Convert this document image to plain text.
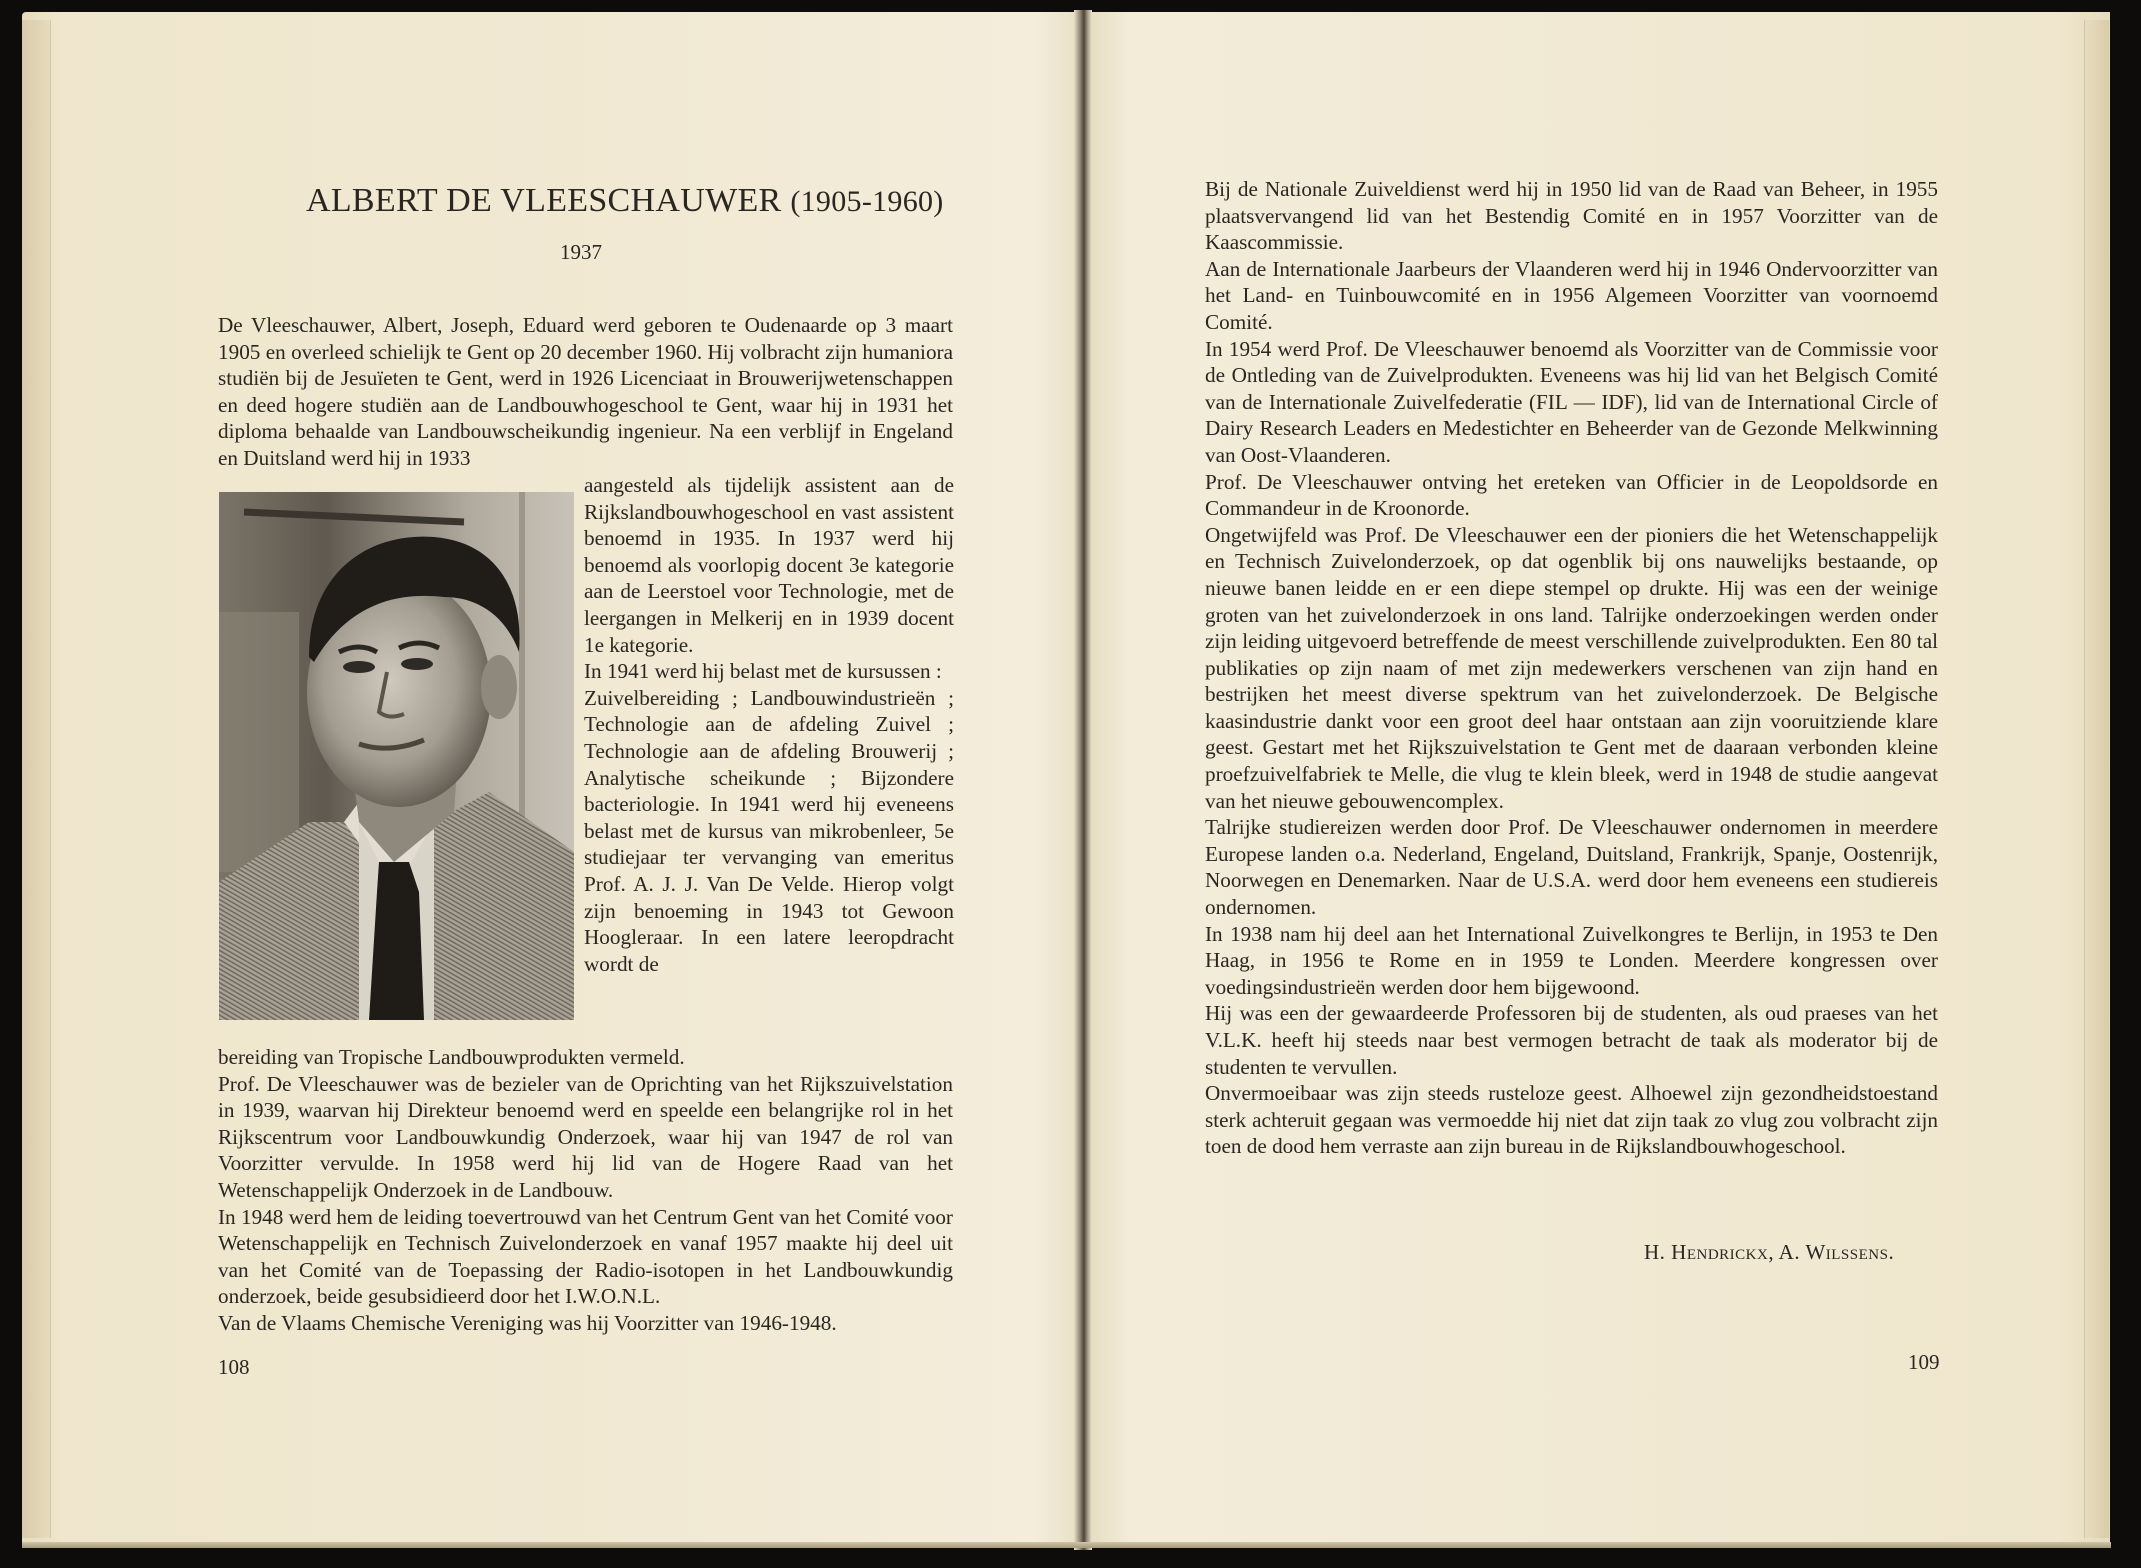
ALBERT DE VLEESCHAUWER (1905-1960)
1937

De Vleeschauwer, Albert, Joseph, Eduard werd geboren te Oudenaarde op 3 maart 1905 en overleed schielijk te Gent op 20 december 1960. Hij volbracht zijn humaniora studiën bij de Jesuïeten te Gent, werd in 1926 Licenciaat in Brouwerijwetenschappen en deed hogere studiën aan de Landbouwhogeschool te Gent, waar hij in 1931 het diploma behaalde van Landbouwscheikundig ingenieur. Na een verblijf in Engeland en Duitsland werd hij in 1933

aangesteld als tijdelijk assistent aan de Rijkslandbouwhogeschool en vast assistent benoemd in 1935. In 1937 werd hij benoemd als voorlopig docent 3e kategorie aan de Leerstoel voor Technologie, met de leergangen in Melkerij en in 1939 docent 1e kategorie.

In 1941 werd hij belast met de kursussen :

Zuivelbereiding ; Landbouwindustrieën ; Technologie aan de afdeling Zuivel ; Technologie aan de afdeling Brouwerij ; Analytische scheikunde ; Bijzondere bacteriologie. In 1941 werd hij eveneens belast met de kursus van mikrobenleer, 5e studiejaar ter vervanging van emeritus Prof. A. J. J. Van De Velde. Hierop volgt zijn benoeming in 1943 tot Gewoon Hoogleraar. In een latere leeropdracht wordt de

bereiding van Tropische Landbouwprodukten vermeld.

Prof. De Vleeschauwer was de bezieler van de Oprichting van het Rijkszuivelstation in 1939, waarvan hij Direkteur benoemd werd en speelde een belangrijke rol in het Rijkscentrum voor Landbouwkundig Onderzoek, waar hij van 1947 de rol van Voorzitter vervulde. In 1958 werd hij lid van de Hogere Raad van het Wetenschappelijk Onderzoek in de Landbouw.

In 1948 werd hem de leiding toevertrouwd van het Centrum Gent van het Comité voor Wetenschappelijk en Technisch Zuivelonderzoek en vanaf 1957 maakte hij deel uit van het Comité van de Toepassing der Radio-isotopen in het Landbouwkundig onderzoek, beide gesubsidieerd door het I.W.O.N.L.

Van de Vlaams Chemische Vereniging was hij Voorzitter van 1946-1948.

108

Bij de Nationale Zuiveldienst werd hij in 1950 lid van de Raad van Beheer, in 1955 plaatsvervangend lid van het Bestendig Comité en in 1957 Voorzitter van de Kaascommissie.

Aan de Internationale Jaarbeurs der Vlaanderen werd hij in 1946 Ondervoorzitter van het Land- en Tuinbouwcomité en in 1956 Algemeen Voorzitter van voornoemd Comité.

In 1954 werd Prof. De Vleeschauwer benoemd als Voorzitter van de Commissie voor de Ontleding van de Zuivelprodukten. Eveneens was hij lid van het Belgisch Comité van de Internationale Zuivelfederatie (FIL — IDF), lid van de International Circle of Dairy Research Leaders en Medestichter en Beheerder van de Gezonde Melkwinning van Oost-Vlaanderen.

Prof. De Vleeschauwer ontving het ereteken van Officier in de Leopoldsorde en Commandeur in de Kroonorde.

Ongetwijfeld was Prof. De Vleeschauwer een der pioniers die het Wetenschappelijk en Technisch Zuivelonderzoek, op dat ogenblik bij ons nauwelijks bestaande, op nieuwe banen leidde en er een diepe stempel op drukte. Hij was een der weinige groten van het zuivelonderzoek in ons land. Talrijke onderzoekingen werden onder zijn leiding uitgevoerd betreffende de meest verschillende zuivelprodukten. Een 80 tal publikaties op zijn naam of met zijn medewerkers verschenen van zijn hand en bestrijken het meest diverse spektrum van het zuivelonderzoek. De Belgische kaasindustrie dankt voor een groot deel haar ontstaan aan zijn vooruitziende klare geest. Gestart met het Rijkszuivelstation te Gent met de daaraan verbonden kleine proefzuivelfabriek te Melle, die vlug te klein bleek, werd in 1948 de studie aangevat van het nieuwe gebouwencomplex.

Talrijke studiereizen werden door Prof. De Vleeschauwer ondernomen in meerdere Europese landen o.a. Nederland, Engeland, Duitsland, Frankrijk, Spanje, Oostenrijk, Noorwegen en Denemarken. Naar de U.S.A. werd door hem eveneens een studiereis ondernomen.

In 1938 nam hij deel aan het International Zuivelkongres te Berlijn, in 1953 te Den Haag, in 1956 te Rome en in 1959 te Londen. Meerdere kongressen over voedingsindustrieën werden door hem bijgewoond.

Hij was een der gewaardeerde Professoren bij de studenten, als oud praeses van het V.L.K. heeft hij steeds naar best vermogen betracht de taak als moderator bij de studenten te vervullen.

Onvermoeibaar was zijn steeds rusteloze geest. Alhoewel zijn gezondheidstoestand sterk achteruit gegaan was vermoedde hij niet dat zijn taak zo vlug zou volbracht zijn toen de dood hem verraste aan zijn bureau in de Rijkslandbouwhogeschool.

H. Hendrickx, A. Wilssens.
109
